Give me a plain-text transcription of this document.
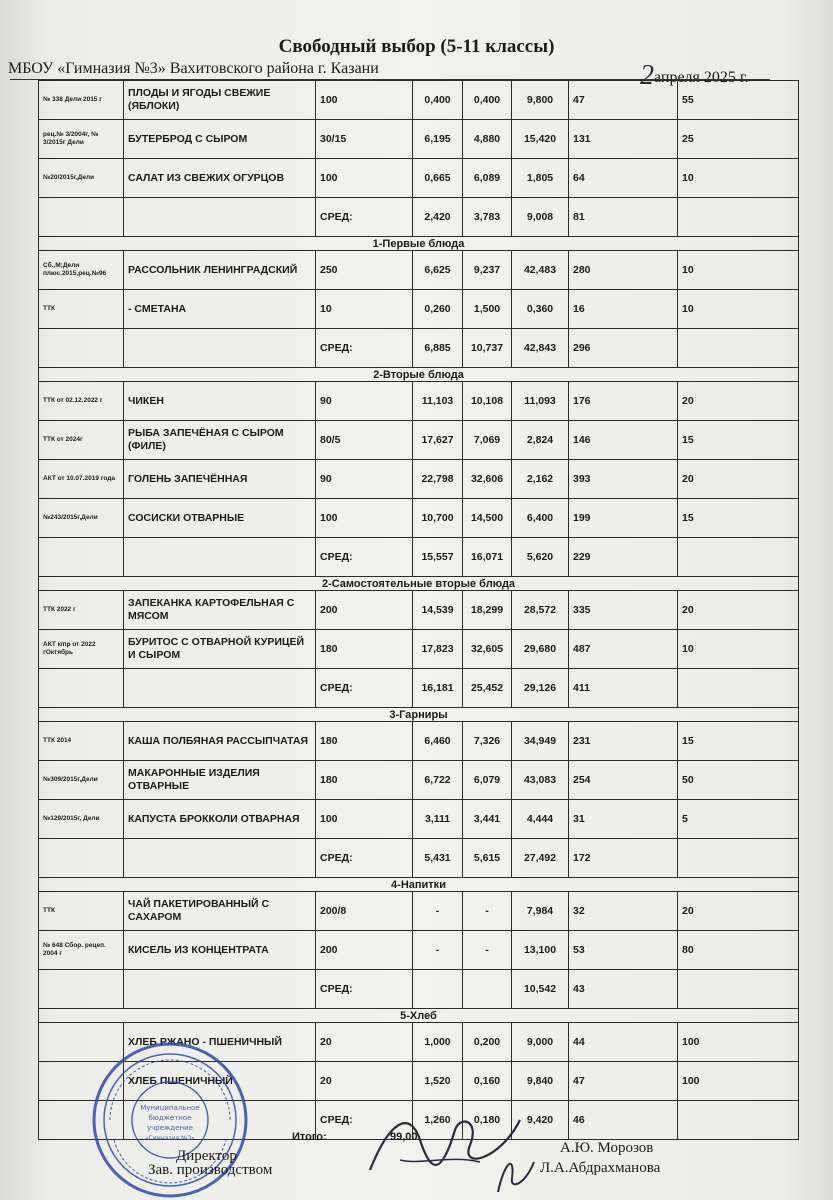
Свободный выбор (5-11 классы)
МБОУ «Гимназия №3» Вахитовского района г. Казани	2апреля 2025 г.
№ 338 Дели 2015 г	ПЛОДЫ И ЯГОДЫ СВЕЖИЕ (ЯБЛОКИ)	100	0,400	0,400	9,800	47	55
рец.№ 3/2004г, № 3/2015г Дели	БУТЕРБРОД С СЫРОМ	30/15	6,195	4,880	15,420	131	25
№20/2015г,Дели	САЛАТ ИЗ СВЕЖИХ ОГУРЦОВ	100	0,665	6,089	1,805	64	10
		СРЕД:	2,420	3,783	9,008	81	
1-Первые блюда							
Сб.,М;Дели плюс.2015,рец.№96	РАССОЛЬНИК ЛЕНИНГРАДСКИЙ	250	6,625	9,237	42,483	280	10
ТТК	- СМЕТАНА	10	0,260	1,500	0,360	16	10
		СРЕД:	6,885	10,737	42,843	296	
2-Вторые блюда							
ТТК от 02.12.2022 г	ЧИКЕН	90	11,103	10,108	11,093	176	20
ТТК от 2024г	РЫБА ЗАПЕЧЁНАЯ С СЫРОМ (ФИЛЕ)	80/5	17,627	7,069	2,824	146	15
АКТ от 10.07.2019 года	ГОЛЕНЬ ЗАПЕЧЁННАЯ	90	22,798	32,606	2,162	393	20
№243/2015г,Дели	СОСИСКИ ОТВАРНЫЕ	100	10,700	14,500	6,400	199	15
		СРЕД:	15,557	16,071	5,620	229	
2-Самостоятельные вторые блюда							
ТТК 2022 г	ЗАПЕКАНКА КАРТОФЕЛЬНАЯ С МЯСОМ	200	14,539	18,299	28,572	335	20
АКТ к/пр от 2022 гОктябрь	БУРИТОС С ОТВАРНОЙ КУРИЦЕЙ И СЫРОМ	180	17,823	32,605	29,680	487	10
		СРЕД:	16,181	25,452	29,126	411	
3-Гарниры							
ТТК 2014	КАША ПОЛБЯНАЯ РАССЫПЧАТАЯ	180	6,460	7,326	34,949	231	15
№309/2015г,Дели	МАКАРОННЫЕ ИЗДЕЛИЯ ОТВАРНЫЕ	180	6,722	6,079	43,083	254	50
№129/2015г, Дели	КАПУСТА БРОККОЛИ ОТВАРНАЯ	100	3,111	3,441	4,444	31	5
		СРЕД:	5,431	5,615	27,492	172	
4-Напитки							
ТТК	ЧАЙ ПАКЕТИРОВАННЫЙ С САХАРОМ	200/8	-	-	7,984	32	20
№ 648 Сбор. рецеп. 2004 г	КИСЕЛЬ ИЗ КОНЦЕНТРАТА	200	-	-	13,100	53	80
		СРЕД:			10,542	43	
5-Хлеб							
	ХЛЕБ РЖАНО - ПШЕНИЧНЫЙ	20	1,000	0,200	9,000	44	100
	ХЛЕБ ПШЕНИЧНЫЙ	20	1,520	0,160	9,840	47	100
		СРЕД:	1,260	0,180	9,420	46	
Итого:	99,00
Муниципальное
бюджетное
учреждение
«Гимназия №3»
Директор
Зав. производством
А.Ю. Морозов
Л.А.Абдрахманова
